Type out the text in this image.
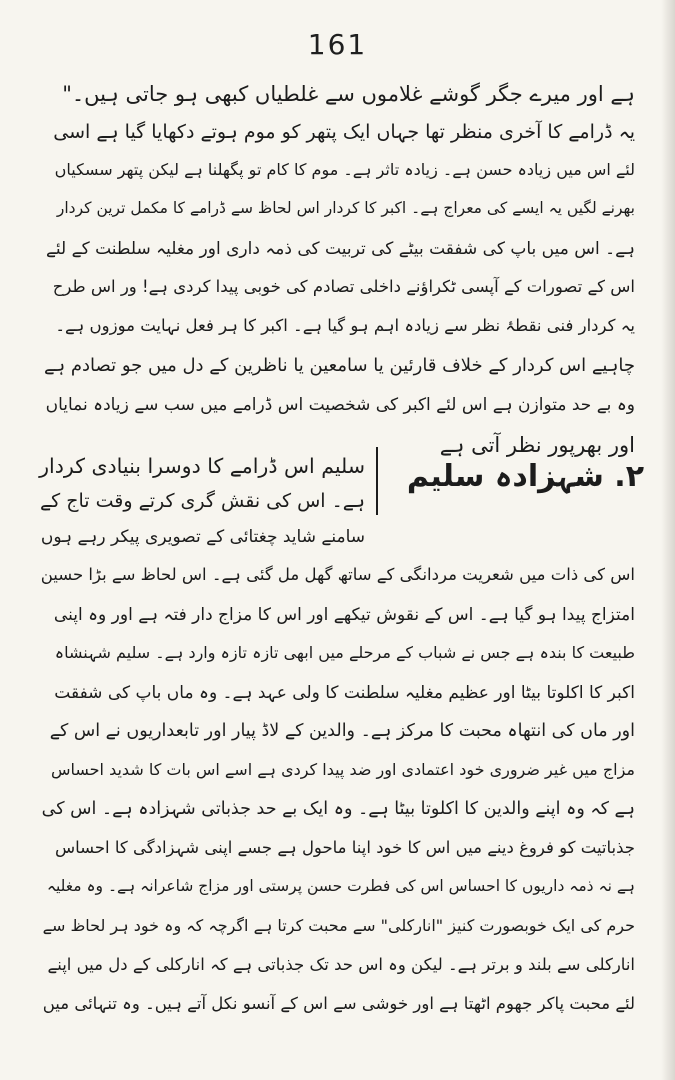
161
ہے اور میرے جگر گوشے غلاموں سے غلطیاں کبھی ہو جاتی ہیں۔"
یہ ڈرامے کا آخری منظر تھا جہاں ایک پتھر کو موم ہوتے دکھایا گیا ہے اسی
لئے اس میں زیادہ حسن ہے۔ زیادہ تاثر ہے۔ موم کا کام تو پگھلنا ہے لیکن پتھر سسکیاں
بھرنے لگیں یہ ایسے کی معراج ہے۔ اکبر کا کردار اس لحاظ سے ڈرامے کا مکمل ترین کردار
ہے۔ اس میں باپ کی شفقت بیٹے کی تربیت کی ذمہ داری اور مغلیہ سلطنت کے لئے
اس کے تصورات کے آپسی ٹکراؤنے داخلی تصادم کی خوبی پیدا کردی ہے! ور اس طرح
یہ کردار فنی نقطۂ نظر سے زیادہ اہم ہو گیا ہے۔ اکبر کا ہر فعل نہایت موزوں ہے۔
چاہیے اس کردار کے خلاف قارئین یا سامعین یا ناظرین کے دل میں جو تصادم ہے
وہ بے حد متوازن ہے اس لئے اکبر کی شخصیت اس ڈرامے میں سب سے زیادہ نمایاں
اور بھرپور نظر آتی ہے
۲. شہزادہ سلیم
سلیم اس ڈرامے کا دوسرا بنیادی کردار
ہے۔ اس کی نقش گری کرتے وقت تاج کے
سامنے شاید چغتائی کے تصویری پیکر رہے ہوں
اس کی ذات میں شعریت مردانگی کے ساتھ گھل مل گئی ہے۔ اس لحاظ سے بڑا حسین
امتزاج پیدا ہو گیا ہے۔ اس کے نقوش تیکھے اور اس کا مزاج دار فتہ ہے اور وہ اپنی
طبیعت کا بندہ ہے جس نے شباب کے مرحلے میں ابھی تازہ تازہ وارد ہے۔ سلیم شہنشاہ
اکبر کا اکلوتا بیٹا اور عظیم مغلیہ سلطنت کا ولی عہد ہے۔ وہ ماں باپ کی شفقت
اور ماں کی انتھاہ محبت کا مرکز ہے۔ والدین کے لاڈ پیار اور تابعداریوں نے اس کے
مزاج میں غیر ضروری خود اعتمادی اور ضد پیدا کردی ہے اسے اس بات کا شدید احساس
ہے کہ وہ اپنے والدین کا اکلوتا بیٹا ہے۔ وہ ایک بے حد جذباتی شہزادہ ہے۔ اس کی
جذباتیت کو فروغ دینے میں اس کا خود اپنا ماحول ہے جسے اپنی شہزادگی کا احساس
ہے نہ ذمہ داریوں کا احساس اس کی فطرت حسن پرستی اور مزاج شاعرانہ ہے۔ وہ مغلیہ
حرم کی ایک خوبصورت کنیز "انارکلی" سے محبت کرتا ہے اگرچہ کہ وہ خود ہر لحاظ سے
انارکلی سے بلند و برتر ہے۔ لیکن وہ اس حد تک جذباتی ہے کہ انارکلی کے دل میں اپنے
لئے محبت پاکر جھوم اٹھتا ہے اور خوشی سے اس کے آنسو نکل آتے ہیں۔ وہ تنہائی میں
